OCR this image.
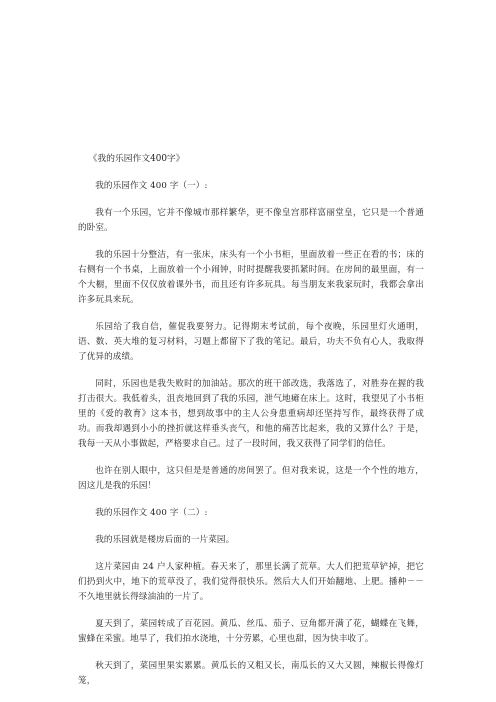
《我的乐园作文400字》

我的乐园作文 400 字（一）:

我有一个乐园，它并不像城市那样繁华，更不像皇宫那样富丽堂皇，它只是一个普通的卧室。

我的乐园十分整洁，有一张床，床头有一个小书柜，里面放着一些正在看的书；床的右侧有一个书桌，上面放着一个小闹钟，时时提醒我要抓紧时间。在房间的最里面，有一个大橱，里面不仅仅放着课外书，而且还有许多玩具。每当朋友来我家玩时，我都会拿出许多玩具来玩。

乐园给了我自信，催促我要努力。记得期末考试前，每个夜晚，乐园里灯火通明，语、数、英大堆的复习材料，习题上都留下了我的笔记。最后，功夫不负有心人，我取得了优异的成绩。

同时，乐园也是我失败时的加油站。那次的班干部改选，我落选了，对胜券在握的我打击很大。我低着头，沮丧地回到了我的乐园，泄气地瘫在床上。这时，我望见了小书柜里的《爱的教育》这本书，想到故事中的主人公身患重病却还坚持写作，最终获得了成功。而我却遇到小小的挫折就这样垂头丧气，和他的痛苦比起来，我的又算什么？于是，我每一天从小事做起，严格要求自己。过了一段时间，我又获得了同学们的信任。

也许在别人眼中，这只但是是普通的房间罢了。但对我来说，这是一个个性的地方，因这儿是我的乐园！

我的乐园作文 400 字（二）:

我的乐园就是楼房后面的一片菜园。

这片菜园由 24 户人家种植。春天来了，那里长满了荒草。大人们把荒草铲掉，把它们扔到火中，地下的荒草没了，我们觉得很快乐。然后大人们开始翻地、上肥。播种－－不久地里就长得绿油油的一片了。

夏天到了，菜园转成了百花园。黄瓜、丝瓜、茄子、豆角都开满了花，蝴蝶在飞舞，蜜蜂在采蜜。地旱了，我们拍水浇地，十分劳累，心里也甜，因为快丰收了。

秋天到了，菜园里果实累累。黄瓜长的又粗又长，南瓜长的又大又圆，辣椒长得像灯笼，
